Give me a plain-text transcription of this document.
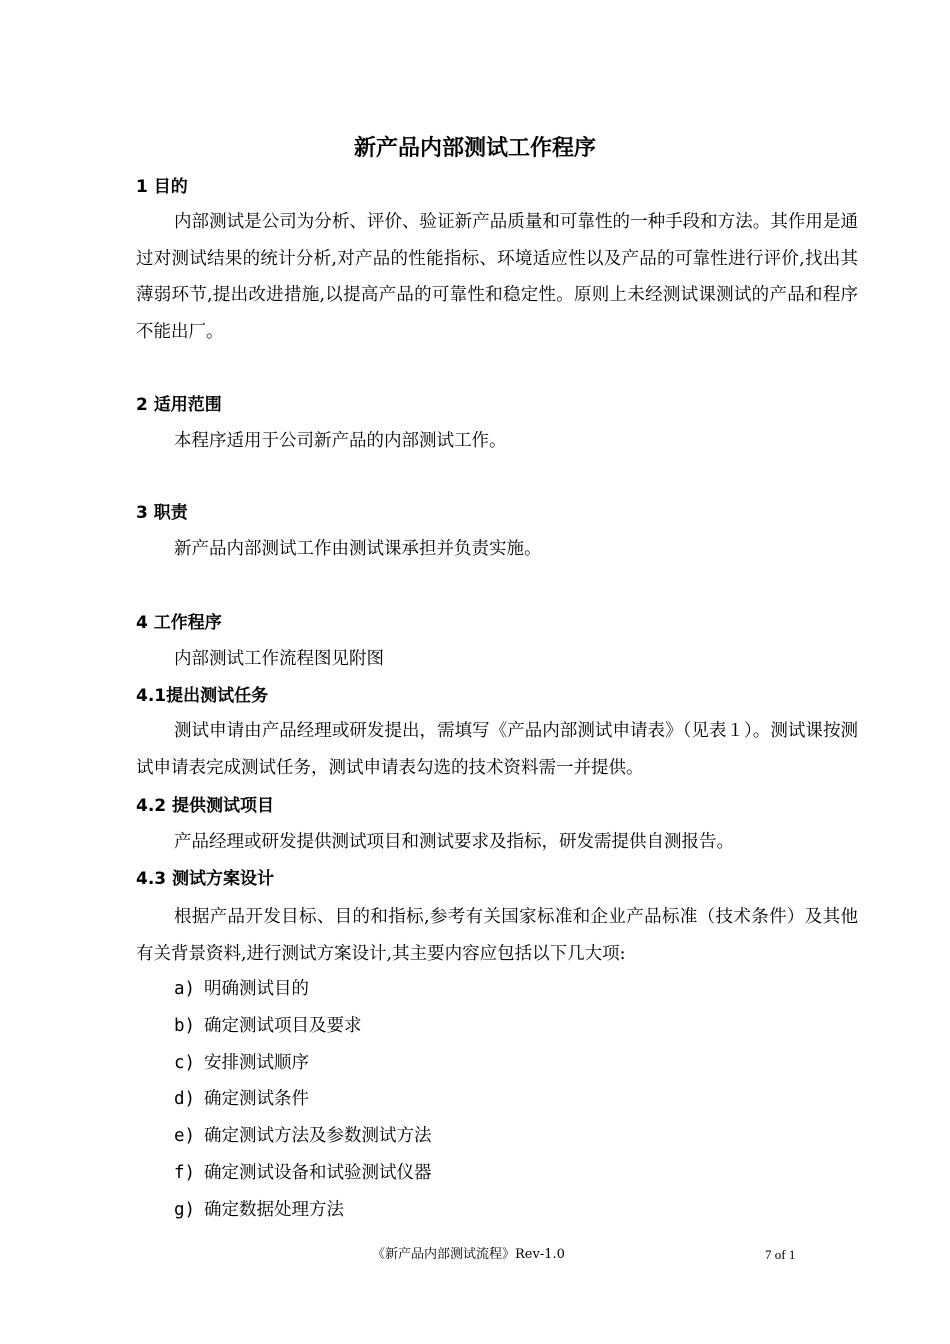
新产品内部测试工作程序
1 目的
内部测试是公司为分析、评价、验证新产品质量和可靠性的一种手段和方法。其作用是通过对测试结果的统计分析,对产品的性能指标、环境适应性以及产品的可靠性进行评价,找出其薄弱环节,提出改进措施,以提高产品的可靠性和稳定性。原则上未经测试课测试的产品和程序不能出厂。
2 适用范围
本程序适用于公司新产品的内部测试工作。
3 职责
新产品内部测试工作由测试课承担并负责实施。
4 工作程序
内部测试工作流程图见附图
4.1提出测试任务
测试申请由产品经理或研发提出，需填写《产品内部测试申请表》（见表１）。测试课按测试申请表完成测试任务，测试申请表勾选的技术资料需一并提供。
4.2 提供测试项目
产品经理或研发提供测试项目和测试要求及指标，研发需提供自测报告。
4.3 测试方案设计
根据产品开发目标、目的和指标,参考有关国家标准和企业产品标准（技术条件）及其他有关背景资料,进行测试方案设计,其主要内容应包括以下几大项:
a) 明确测试目的
b) 确定测试项目及要求
c) 安排测试顺序
d) 确定测试条件
e) 确定测试方法及参数测试方法
f) 确定测试设备和试验测试仪器
g) 确定数据处理方法
《新产品内部测试流程》Rev-1.0	7 of 1
